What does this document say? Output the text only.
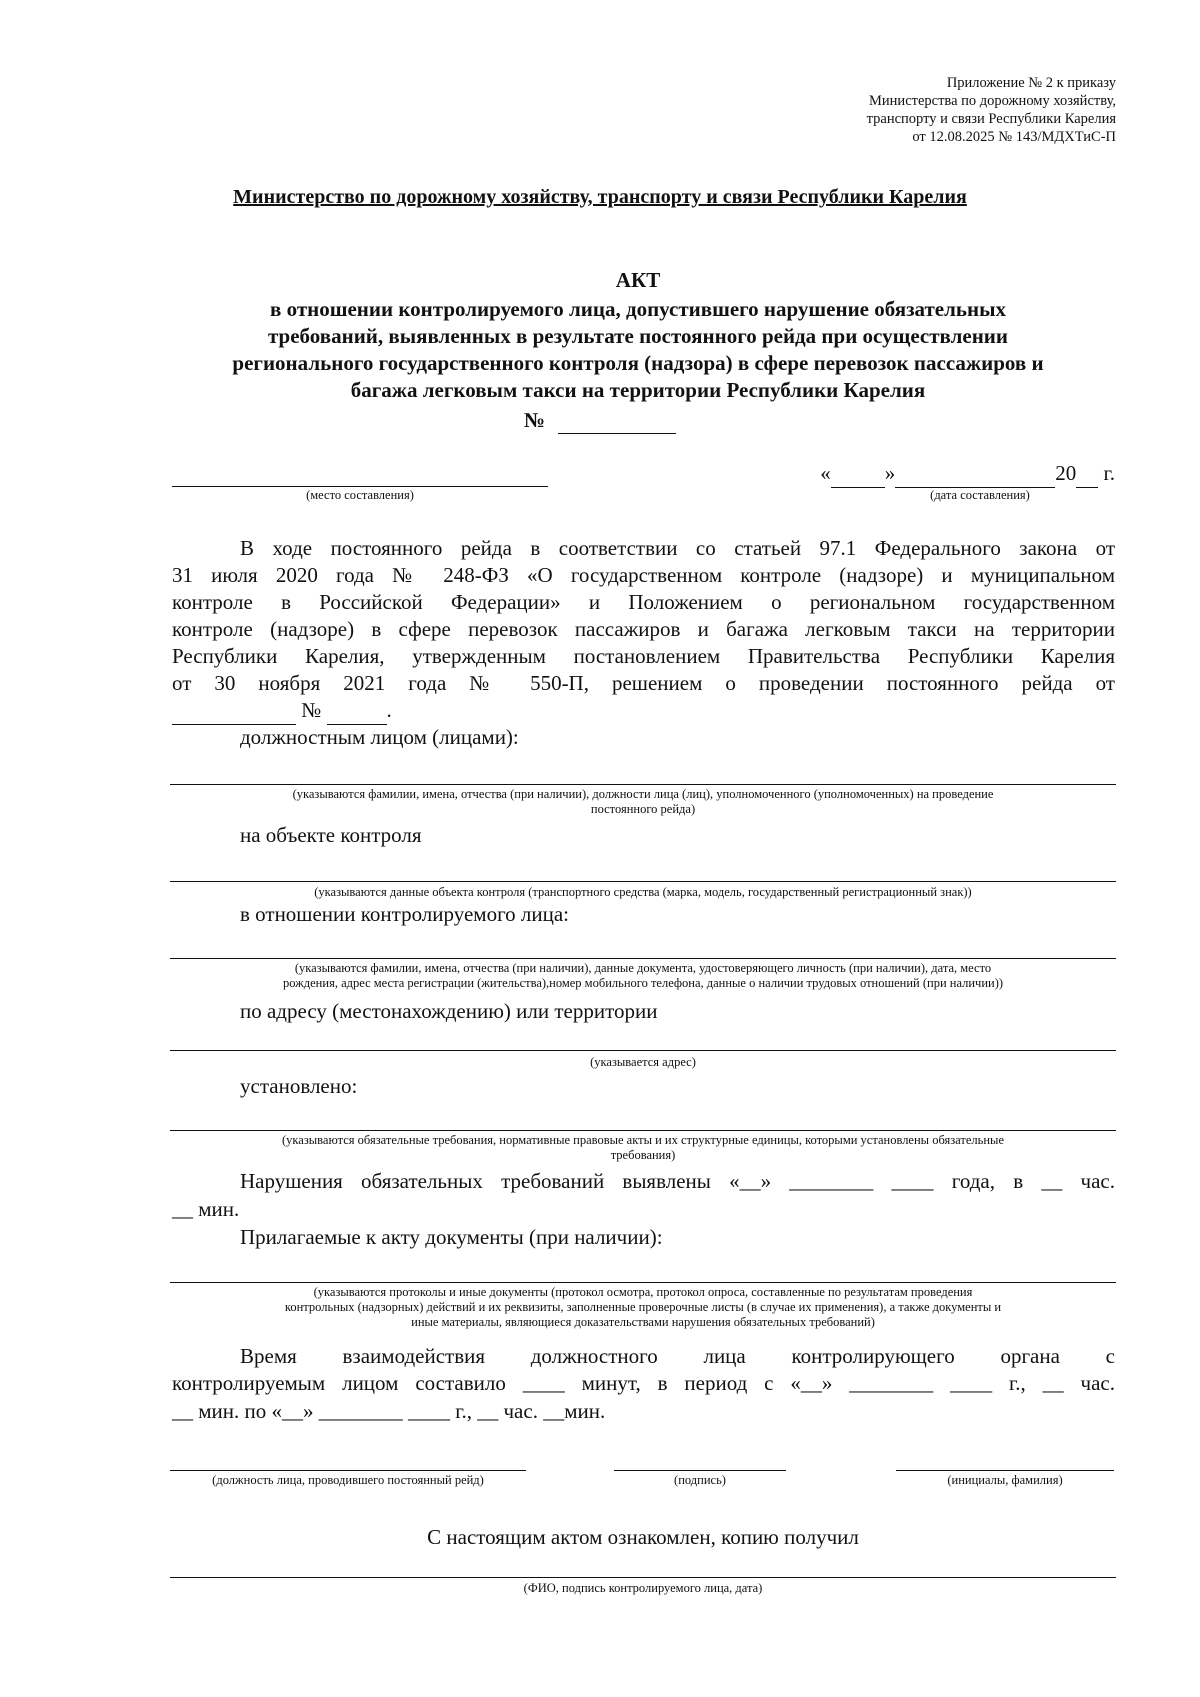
Приложение № 2 к приказу
Министерства по дорожному хозяйству,
транспорту и связи Республики Карелия
от 12.08.2025 № 143/МДХТиС-П
Министерство по дорожному хозяйству, транспорту и связи Республики Карелия
АКТ
в отношении контролируемого лица, допустившего нарушение обязательных
требований, выявленных в результате постоянного рейда при осуществлении
регионального государственного контроля (надзора) в сфере перевозок пассажиров и
багажа легковым такси на территории Республики Карелия
№
(место составления)
«	»	20 г.
(дата составления)
В ходе постоянного рейда в соответствии со статьей 97.1 Федерального закона от
31 июля 2020 года № 248-ФЗ «О государственном контроле (надзоре) и муниципальном
контроле в Российской Федерации» и Положением о региональном государственном
контроле (надзоре) в сфере перевозок пассажиров и багажа легковым такси на территории
Республики Карелия, утвержденным постановлением Правительства Республики Карелия
от 30 ноября 2021 года № 550-П, решением о проведении постоянного рейда от
№	.
должностным лицом (лицами):
(указываются фамилии, имена, отчества (при наличии), должности лица (лиц), уполномоченного (уполномоченных) на проведение
постоянного рейда)
на объекте контроля
(указываются данные объекта контроля (транспортного средства (марка, модель, государственный регистрационный знак))
в отношении контролируемого лица:
(указываются фамилии, имена, отчества (при наличии), данные документа, удостоверяющего личность (при наличии), дата, место
рождения, адрес места регистрации (жительства),номер мобильного телефона, данные о наличии трудовых отношений (при наличии))
по адресу (местонахождению) или территории
(указывается адрес)
установлено:
(указываются обязательные требования, нормативные правовые акты и их структурные единицы, которыми установлены обязательные
требования)
Нарушения обязательных требований выявлены «__» ________ ____ года, в __ час.
__ мин.
Прилагаемые к акту документы (при наличии):
(указываются протоколы и иные документы (протокол осмотра, протокол опроса, составленные по результатам проведения
контрольных (надзорных) действий и их реквизиты, заполненные проверочные листы (в случае их применения), а также документы и
иные материалы, являющиеся доказательствами нарушения обязательных требований)
Время взаимодействия должностного лица контролирующего органа с
контролируемым лицом составило ____ минут, в период с «__» ________ ____ г., __ час.
__ мин. по «__» ________ ____ г., __ час. __мин.
(должность лица, проводившего постоянный рейд)	(подпись)	(инициалы, фамилия)
С настоящим актом ознакомлен, копию получил
(ФИО, подпись контролируемого лица, дата)
